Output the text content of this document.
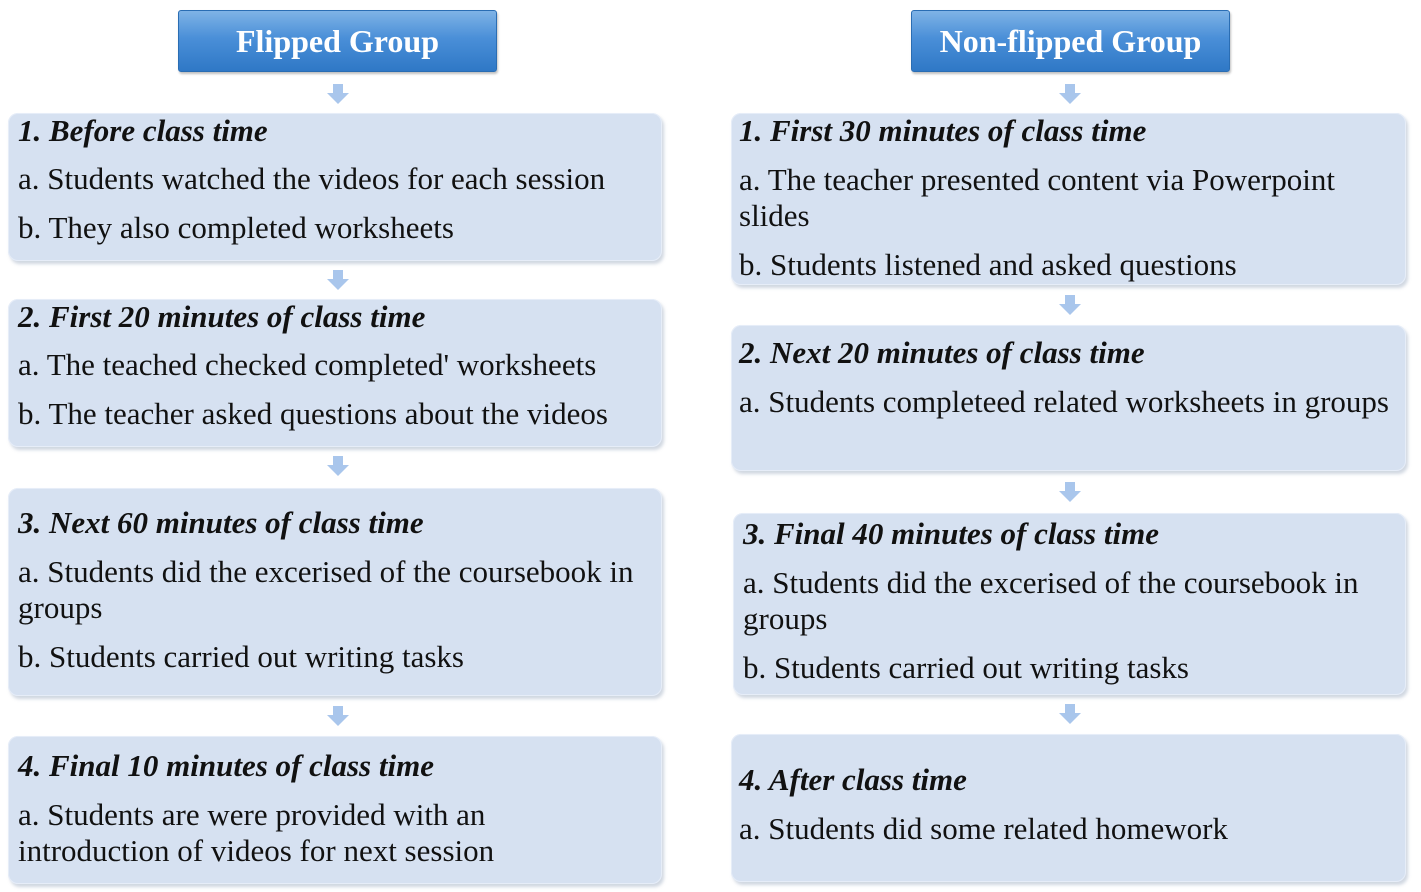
Flipped Group	Non-flipped Group
1. Before class time
a. Students watched the videos for each session
b. They also completed worksheets
2. First 20 minutes of class time
a. The teached checked completed' worksheets
b. The teacher asked questions about the videos
3. Next 60 minutes of class time
a. Students did the excerised of the coursebook in groups
b. Students carried out writing tasks
4. Final 10 minutes of class time
a. Students are were provided with an introduction of videos for next session
1. First 30 minutes of class time
a. The teacher presented content via Powerpoint slides
b. Students listened and asked questions
2. Next 20 minutes of class time
a. Students completeed related worksheets in groups
3. Final 40 minutes of class time
a. Students did the excerised of the coursebook in groups
b. Students carried out writing tasks
4. After class time
a. Students did some related homework
